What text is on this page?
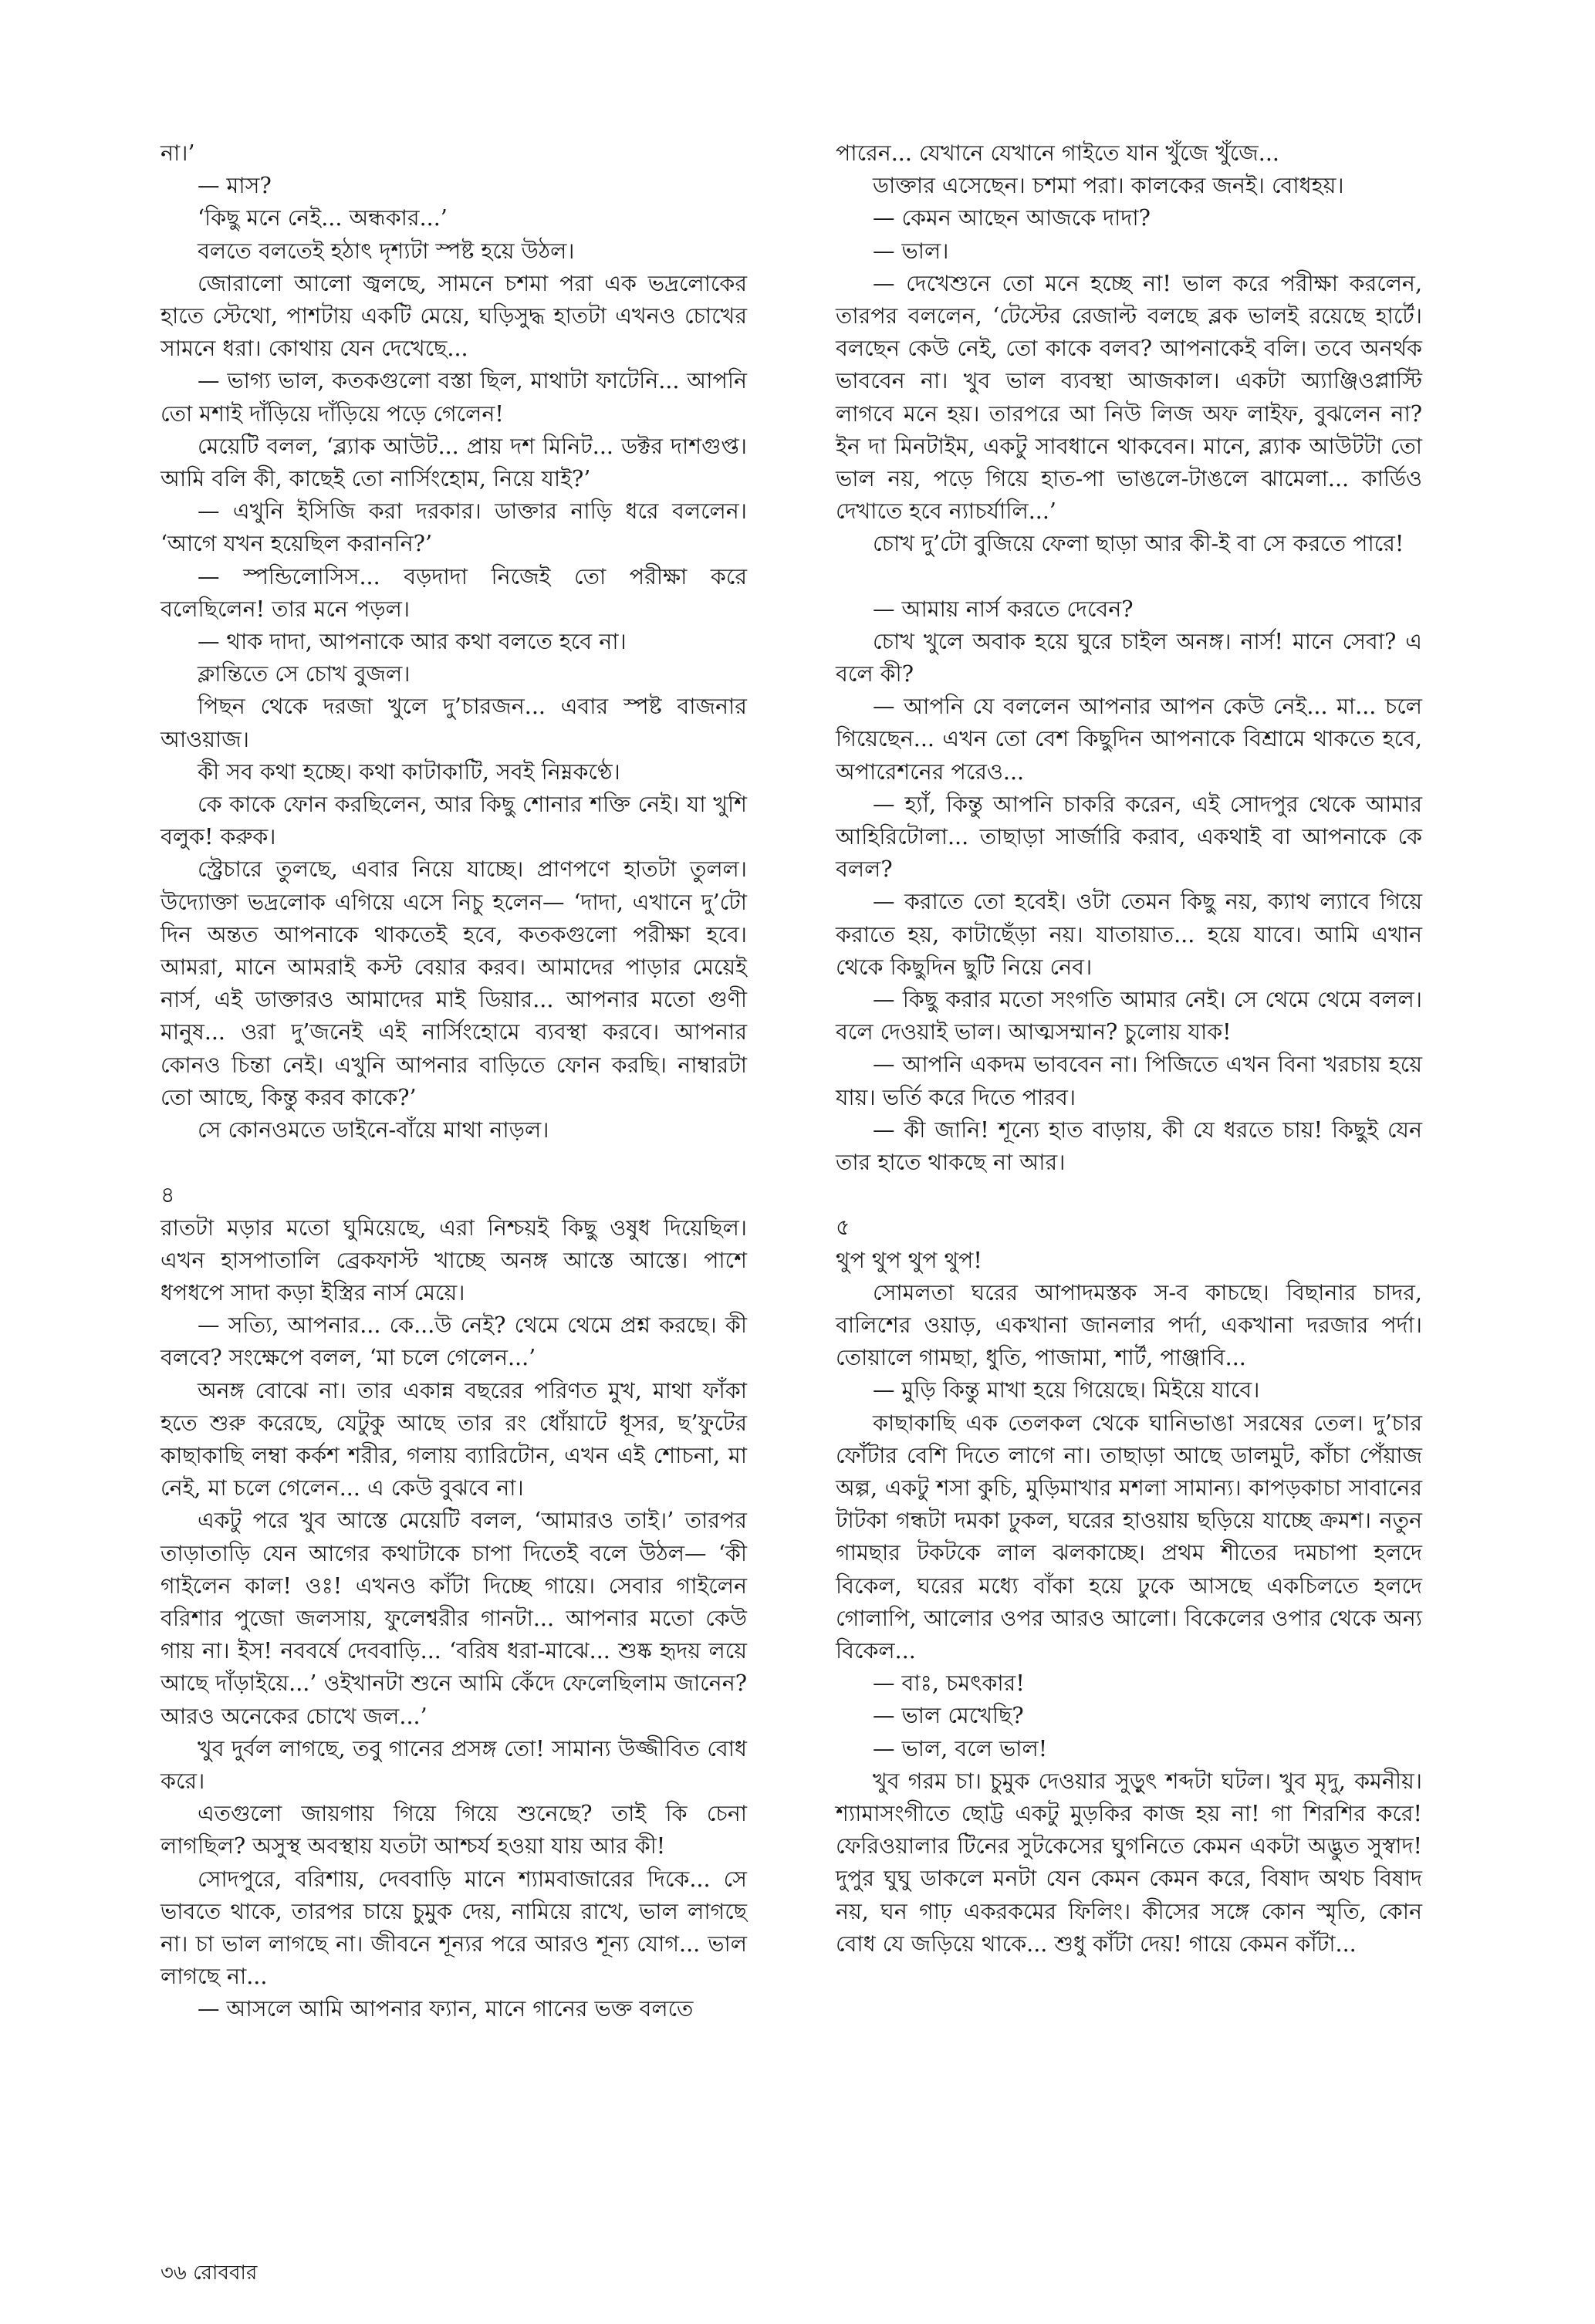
না।’

— মাস?

‘কিছু মনে নেই... অন্ধকার...’

বলতে বলতেই হঠাৎ দৃশ্যটা স্পষ্ট হয়ে উঠল।

জোরালো আলো জ্বলছে, সামনে চশমা পরা এক ভদ্রলোকের হাতে স্টেথো, পাশটায় একটি মেয়ে, ঘড়িসুদ্ধ হাতটা এখনও চোখের সামনে ধরা। কোথায় যেন দেখেছে...

— ভাগ্য ভাল, কতকগুলো বস্তা ছিল, মাথাটা ফাটেনি... আপনি তো মশাই দাঁড়িয়ে দাঁড়িয়ে পড়ে গেলেন!

মেয়েটি বলল, ‘ব্ল্যাক আউট... প্রায় দশ মিনিট... ডক্টর দাশগুপ্ত। আমি বলি কী, কাছেই তো নার্সিংহোম, নিয়ে যাই?’

— এখুনি ইসিজি করা দরকার। ডাক্তার নাড়ি ধরে বললেন। ‘আগে যখন হয়েছিল করাননি?’

— স্পন্ডিলোসিস... বড়দাদা নিজেই তো পরীক্ষা করে বলেছিলেন! তার মনে পড়ল।

— থাক দাদা, আপনাকে আর কথা বলতে হবে না।

ক্লান্তিতে সে চোখ বুজল।

পিছন থেকে দরজা খুলে দু’চারজন... এবার স্পষ্ট বাজনার আওয়াজ।

কী সব কথা হচ্ছে। কথা কাটাকাটি, সবই নিম্নকণ্ঠে।

কে কাকে ফোন করছিলেন, আর কিছু শোনার শক্তি নেই। যা খুশি বলুক! করুক।

স্ট্রেচারে তুলছে, এবার নিয়ে যাচ্ছে। প্রাণপণে হাতটা তুলল। উদ্যোক্তা ভদ্রলোক এগিয়ে এসে নিচু হলেন— ‘দাদা, এখানে দু’টো দিন অন্তত আপনাকে থাকতেই হবে, কতকগুলো পরীক্ষা হবে। আমরা, মানে আমরাই কস্ট বেয়ার করব। আমাদের পাড়ার মেয়েই নার্স, এই ডাক্তারও আমাদের মাই ডিয়ার... আপনার মতো গুণী মানুষ... ওরা দু’জনেই এই নার্সিংহোমে ব্যবস্থা করবে। আপনার কোনও চিন্তা নেই। এখুনি আপনার বাড়িতে ফোন করছি। নাম্বারটা তো আছে, কিন্তু করব কাকে?’

সে কোনওমতে ডাইনে-বাঁয়ে মাথা নাড়ল।

৪

রাতটা মড়ার মতো ঘুমিয়েছে, এরা নিশ্চয়ই কিছু ওষুধ দিয়েছিল। এখন হাসপাতালি ব্রেকফাস্ট খাচ্ছে অনঙ্গ আস্তে আস্তে। পাশে ধপধপে সাদা কড়া ইস্ত্রির নার্স মেয়ে।

— সত্যি, আপনার... কে...উ নেই? থেমে থেমে প্রশ্ন করছে। কী বলবে? সংক্ষেপে বলল, ‘মা চলে গেলেন...’

অনঙ্গ বোঝে না। তার একান্ন বছরের পরিণত মুখ, মাথা ফাঁকা হতে শুরু করেছে, যেটুকু আছে তার রং ধোঁয়াটে ধূসর, ছ’ফুটের কাছাকাছি লম্বা কর্কশ শরীর, গলায় ব্যারিটোন, এখন এই শোচনা, মা নেই, মা চলে গেলেন... এ কেউ বুঝবে না।

একটু পরে খুব আস্তে মেয়েটি বলল, ‘আমারও তাই।’ তারপর তাড়াতাড়ি যেন আগের কথাটাকে চাপা দিতেই বলে উঠল— ‘কী গাইলেন কাল! ওঃ! এখনও কাঁটা দিচ্ছে গায়ে। সেবার গাইলেন বরিশার পুজো জলসায়, ফুলেশ্বরীর গানটা... আপনার মতো কেউ গায় না। ইস! নববর্ষে দেববাড়ি... ‘বরিষ ধরা-মাঝে... শুষ্ক হৃদয় লয়ে আছে দাঁড়াইয়ে...’ ওইখানটা শুনে আমি কেঁদে ফেলেছিলাম জানেন? আরও অনেকের চোখে জল...’

খুব দুর্বল লাগছে, তবু গানের প্রসঙ্গ তো! সামান্য উজ্জীবিত বোধ করে।

এতগুলো জায়গায় গিয়ে গিয়ে শুনেছে? তাই কি চেনা লাগছিল? অসুস্থ অবস্থায় যতটা আশ্চর্য হওয়া যায় আর কী!

সোদপুরে, বরিশায়, দেববাড়ি মানে শ্যামবাজারের দিকে... সে ভাবতে থাকে, তারপর চায়ে চুমুক দেয়, নামিয়ে রাখে, ভাল লাগছে না। চা ভাল লাগছে না। জীবনে শূন্যর পরে আরও শূন্য যোগ... ভাল লাগছে না...

— আসলে আমি আপনার ফ্যান, মানে গানের ভক্ত বলতে

পারেন... যেখানে যেখানে গাইতে যান খুঁজে খুঁজে...

ডাক্তার এসেছেন। চশমা পরা। কালকের জনই। বোধহয়।

— কেমন আছেন আজকে দাদা?

— ভাল।

— দেখেশুনে তো মনে হচ্ছে না! ভাল করে পরীক্ষা করলেন, তারপর বললেন, ‘টেস্টের রেজাল্ট বলছে ব্লক ভালই রয়েছে হার্টে। বলছেন কেউ নেই, তো কাকে বলব? আপনাকেই বলি। তবে অনর্থক ভাববেন না। খুব ভাল ব্যবস্থা আজকাল। একটা অ্যাঞ্জিওপ্লাস্টি লাগবে মনে হয়। তারপরে আ নিউ লিজ অফ লাইফ, বুঝলেন না? ইন দা মিনটাইম, একটু সাবধানে থাকবেন। মানে, ব্ল্যাক আউটটা তো ভাল নয়, পড়ে গিয়ে হাত-পা ভাঙলে-টাঙলে ঝামেলা... কার্ডিও দেখাতে হবে ন্যাচর্যালি...’

চোখ দু’টো বুজিয়ে ফেলা ছাড়া আর কী-ই বা সে করতে পারে!

— আমায় নার্স করতে দেবেন?

চোখ খুলে অবাক হয়ে ঘুরে চাইল অনঙ্গ। নার্স! মানে সেবা? এ বলে কী?

— আপনি যে বললেন আপনার আপন কেউ নেই... মা... চলে গিয়েছেন... এখন তো বেশ কিছুদিন আপনাকে বিশ্রামে থাকতে হবে, অপারেশনের পরেও...

— হ্যাঁ, কিন্তু আপনি চাকরি করেন, এই সোদপুর থেকে আমার আহিরিটোলা... তাছাড়া সার্জারি করাব, একথাই বা আপনাকে কে বলল?

— করাতে তো হবেই। ওটা তেমন কিছু নয়, ক্যাথ ল্যাবে গিয়ে করাতে হয়, কাটাছেঁড়া নয়। যাতায়াত... হয়ে যাবে। আমি এখান থেকে কিছুদিন ছুটি নিয়ে নেব।

— কিছু করার মতো সংগতি আমার নেই। সে থেমে থেমে বলল। বলে দেওয়াই ভাল। আত্মসম্মান? চুলোয় যাক!

— আপনি একদম ভাববেন না। পিজিতে এখন বিনা খরচায় হয়ে যায়। ভর্তি করে দিতে পারব।

— কী জানি! শূন্যে হাত বাড়ায়, কী যে ধরতে চায়! কিছুই যেন তার হাতে থাকছে না আর।

৫

থুপ থুপ থুপ থুপ!

সোমলতা ঘরের আপাদমস্তক স-ব কাচছে। বিছানার চাদর, বালিশের ওয়াড়, একখানা জানলার পর্দা, একখানা দরজার পর্দা। তোয়ালে গামছা, ধুতি, পাজামা, শার্ট, পাঞ্জাবি...

— মুড়ি কিন্তু মাখা হয়ে গিয়েছে। মিইয়ে যাবে।

কাছাকাছি এক তেলকল থেকে ঘানিভাঙা সরষের তেল। দু’চার ফোঁটার বেশি দিতে লাগে না। তাছাড়া আছে ডালমুট, কাঁচা পেঁয়াজ অল্প, একটু শসা কুচি, মুড়িমাখার মশলা সামান্য। কাপড়কাচা সাবানের টাটকা গন্ধটা দমকা ঢুকল, ঘরের হাওয়ায় ছড়িয়ে যাচ্ছে ক্রমশ। নতুন গামছার টকটকে লাল ঝলকাচ্ছে। প্রথম শীতের দমচাপা হলদে বিকেল, ঘরের মধ্যে বাঁকা হয়ে ঢুকে আসছে একচিলতে হলদে গোলাপি, আলোর ওপর আরও আলো। বিকেলের ওপার থেকে অন্য বিকেল...

— বাঃ, চমৎকার!

— ভাল মেখেছি?

— ভাল, বলে ভাল!

খুব গরম চা। চুমুক দেওয়ার সুড়ুৎ শব্দটা ঘটল। খুব মৃদু, কমনীয়। শ্যামাসংগীতে ছোট্ট একটু মুড়কির কাজ হয় না! গা শিরশির করে! ফেরিওয়ালার টিনের সুটকেসের ঘুগনিতে কেমন একটা অদ্ভুত সুস্বাদ! দুপুর ঘুঘু ডাকলে মনটা যেন কেমন কেমন করে, বিষাদ অথচ বিষাদ নয়, ঘন গাঢ় একরকমের ফিলিং। কীসের সঙ্গে কোন স্মৃতি, কোন বোধ যে জড়িয়ে থাকে... শুধু কাঁটা দেয়! গায়ে কেমন কাঁটা...

৩৬ রোববার
